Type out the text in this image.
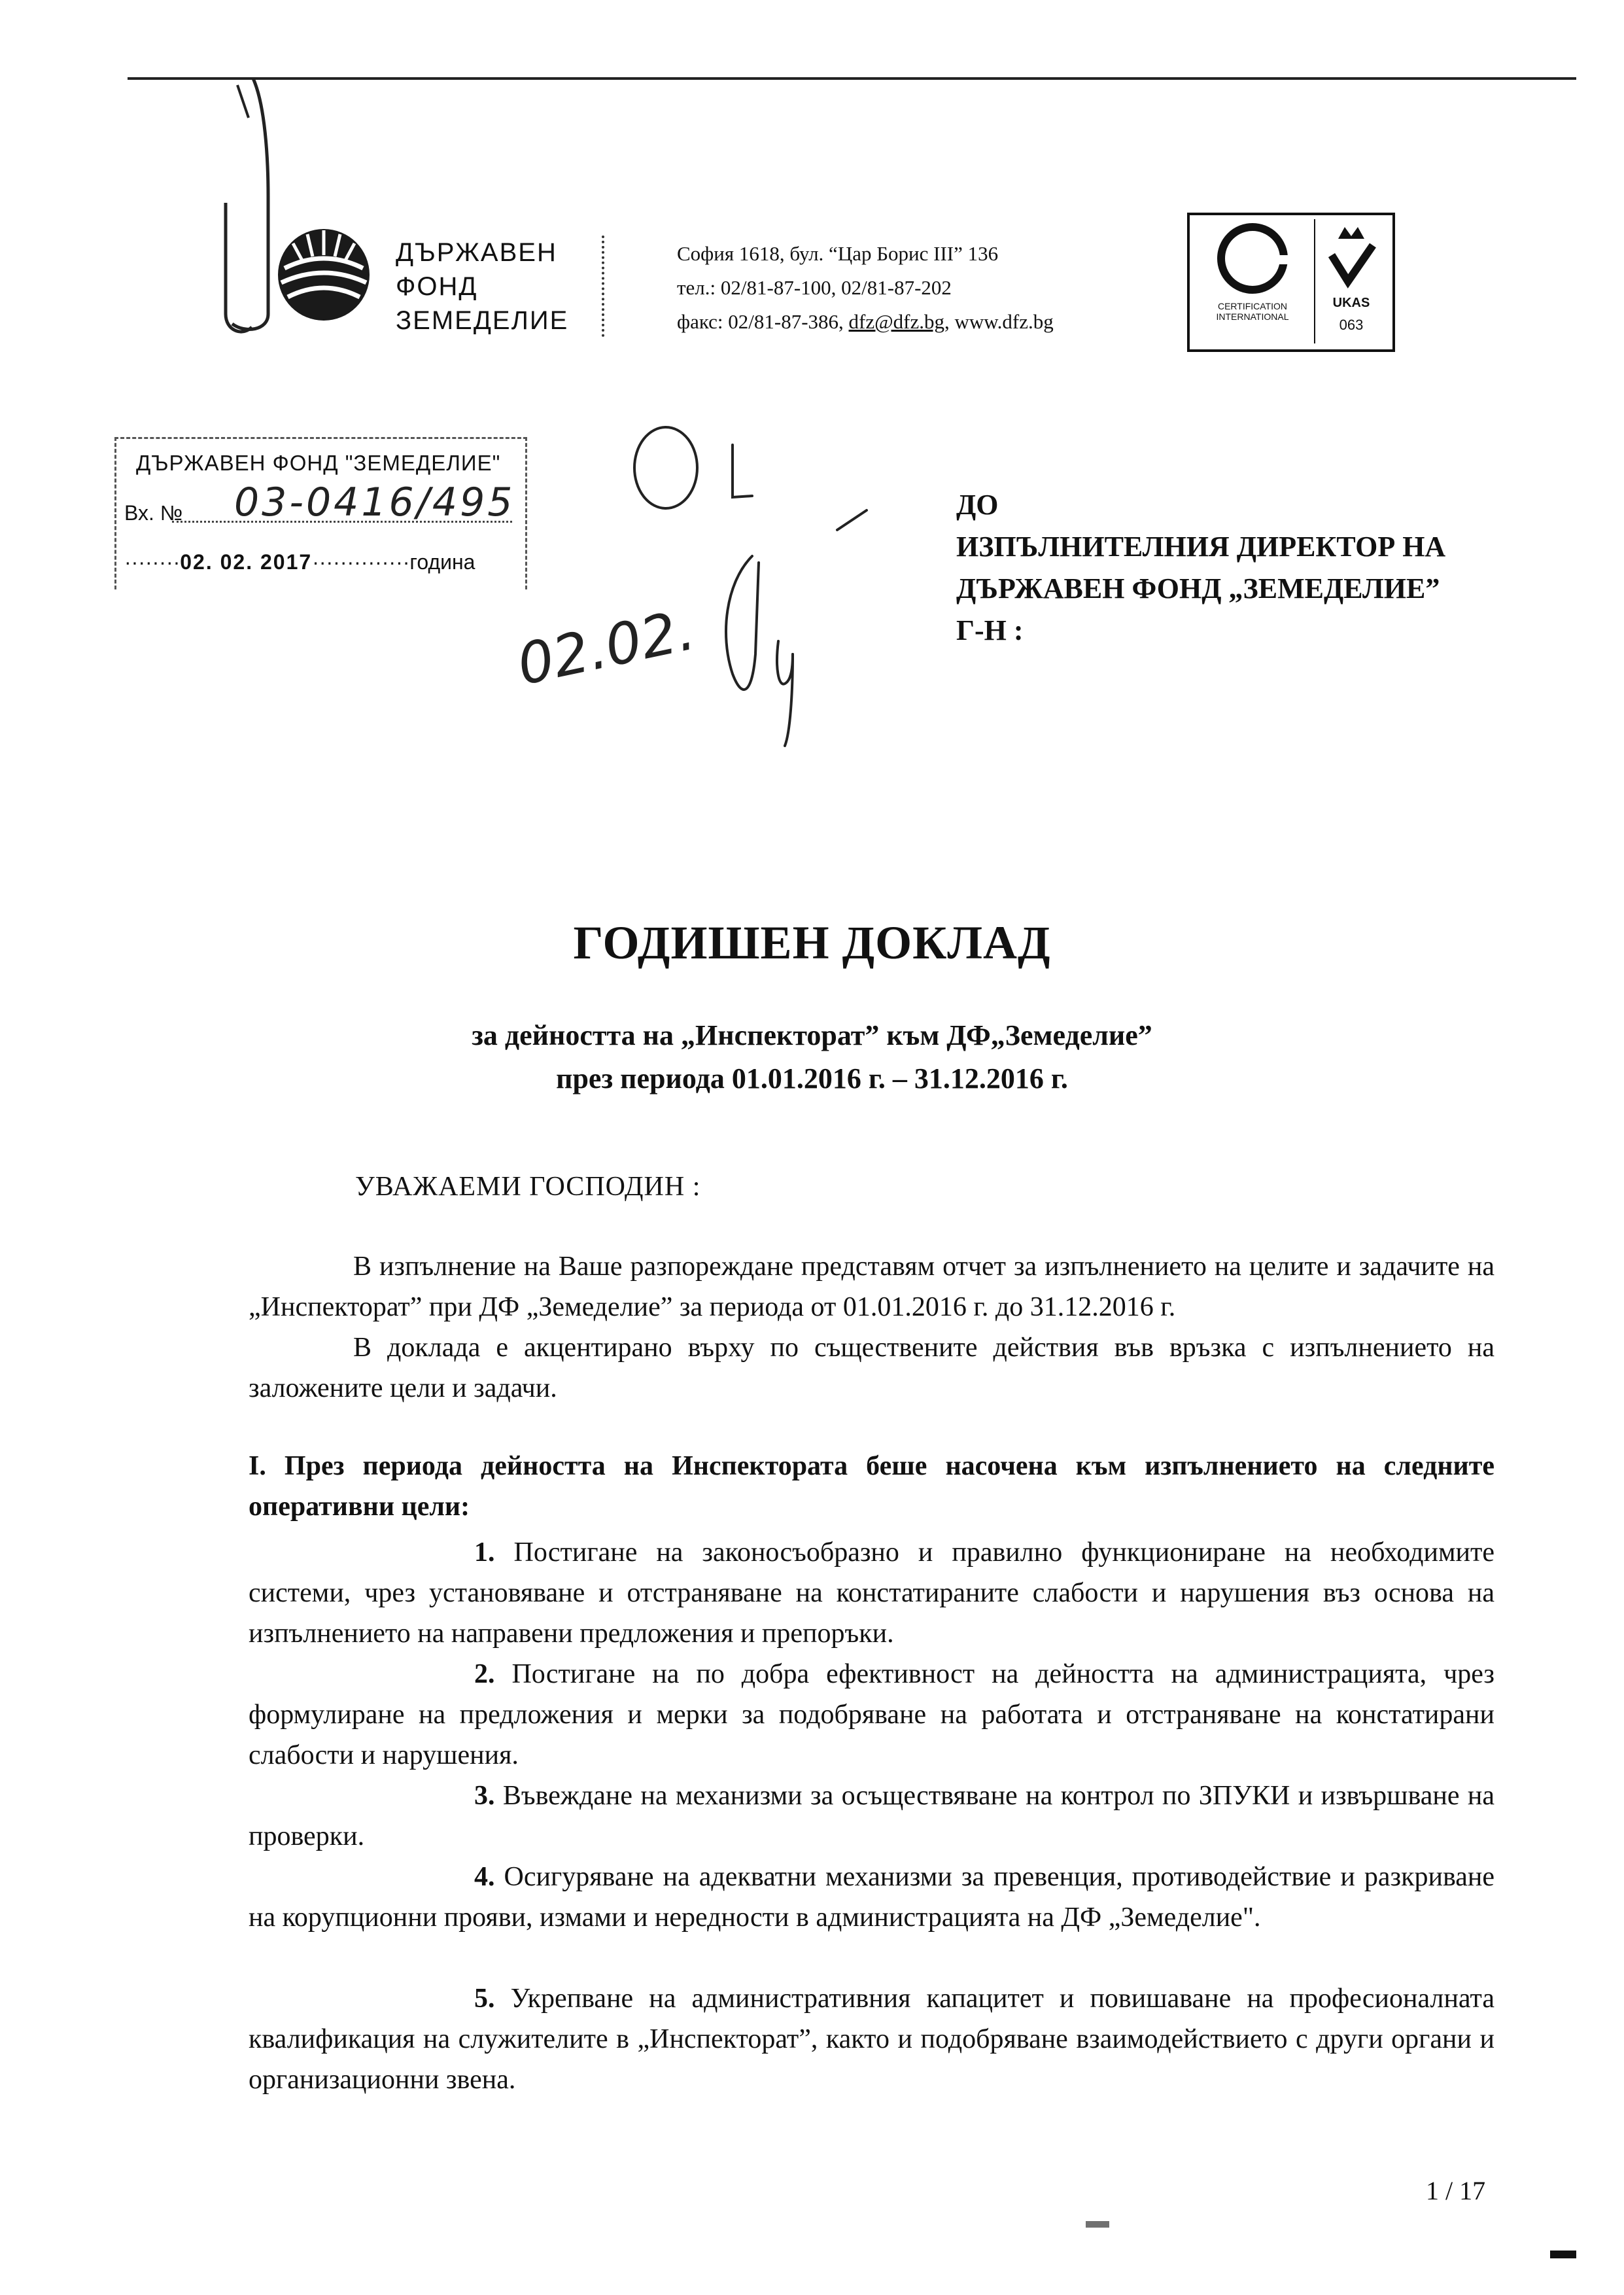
ДЪРЖАВЕН
ФОНД
ЗЕМЕДЕЛИЕ
София 1618, бул. “Цар Борис III” 136
тел.: 02/81-87-100, 02/81-87-202
факс: 02/81-87-386, dfz@dfz.bg, www.dfz.bg
CERTIFICATION INTERNATIONAL
UKAS
063
ДЪРЖАВЕН ФОНД "ЗЕМЕДЕЛИЕ"
Вх. № 03-0416/495
········02. 02. 2017··············година
02.02.
ДО
ИЗПЪЛНИТЕЛНИЯ ДИРЕКТОР НА
ДЪРЖАВЕН ФОНД „ЗЕМЕДЕЛИЕ”
Г-Н :
ГОДИШЕН ДОКЛАД
за дейността на „Инспекторат” към ДФ„Земеделие”
през периода 01.01.2016 г. – 31.12.2016 г.
УВАЖАЕМИ ГОСПОДИН :
В изпълнение на Ваше разпореждане представям отчет за изпълнението на целите и задачите на „Инспекторат” при ДФ „Земеделие” за периода от 01.01.2016 г. до 31.12.2016 г.
В доклада е акцентирано върху по съществените действия във връзка с изпълнението на заложените цели и задачи.
I. През периода дейността на Инспектората беше насочена към изпълнението на следните оперативни цели:
1. Постигане на законосъобразно и правилно функциониране на необходимите системи, чрез установяване и отстраняване на констатираните слабости и нарушения въз основа на изпълнението на направени предложения и препоръки.
2. Постигане на по добра ефективност на дейността на администрацията, чрез формулиране на предложения и мерки за подобряване на работата и отстраняване на констатирани слабости и нарушения.
3. Въвеждане на механизми за осъществяване на контрол по ЗПУКИ и извършване на проверки.
4. Осигуряване на адекватни механизми за превенция, противодействие и разкриване на корупционни прояви, измами и нередности в администрацията на ДФ „Земеделие".
5. Укрепване на административния капацитет и повишаване на професионалната квалификация на служителите в „Инспекторат”, както и подобряване взаимодействието с други органи и организационни звена.
1 / 17
